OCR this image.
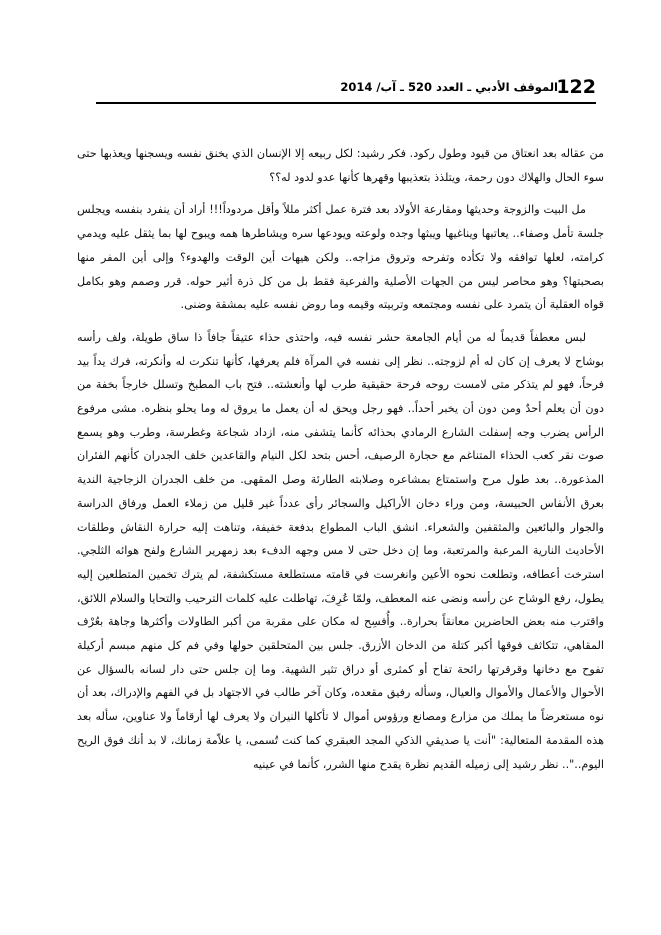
122
الموقف الأدبي ـ العدد 520 ـ آب/ 2014

من عقاله بعد انعتاق من قيود وطول ركود. فكر رشيد: لكل ربيعه إلا الإنسان الذي يخنق نفسه ويسجنها ويعذبها حتى سوء الحال والهلاك دون رحمة، ويتلذذ بتعذيبها وقهرها كأنها عدو لدود له؟؟

مل البيت والزوجة وحديثها ومقارعة الأولاد بعد فترة عمل أكثر مللاً وأقل مردوداً!!! أراد أن ينفرد بنفسه ويجلس جلسة تأمل وصفاء.. يعاتبها ويناغيها ويبثها وجده ولوعته ويودعها سره ويشاطرها همه ويبوح لها بما يثقل عليه ويدمي كرامته، لعلها توافقه ولا تكأده وتفرحه وتروق مزاجه.. ولكن هيهات أين الوقت والهدوء؟ وإلى أين المفر منها بصحبتها؟ وهو محاصر ليس من الجهات الأصلية والفرعية فقط بل من كل ذرة أثير حوله. قرر وصمم وهو بكامل قواه العقلية أن يتمرد على نفسه ومجتمعه وتربيته وقيمه وما روض نفسه عليه بمشقة وضنى.

لبس معطفاً قديماً له من أيام الجامعة حشر نفسه فيه، واحتذى حذاء عتيقاً جافاً ذا ساق طويلة، ولف رأسه بوشاح لا يعرف إن كان له أم لزوجته.. نظر إلى نفسه في المرآة فلم يعرفها، كأنها تنكرت له وأنكرته، فرك يداً بيد فرحاً، فهو لم يتذكر متى لامست روحه فرحة حقيقية طرب لها وأنعشته.. فتح باب المطبخ وتسلل خارجاً بخفة من دون أن يعلم أحدٌ ومن دون أن يخبر أحداً.. فهو رجل ويحق له أن يعمل ما يروق له وما يحلو بنظره. مشى مرفوع الرأس يضرب وجه إسفلت الشارع الرمادي بحذائه كأنما يتشفى منه، ازداد شجاعة وغطرسة، وطرب وهو يسمع صوت نقر كعب الحذاء المتناغم مع حجارة الرصيف، أحس بتحد لكل النيام والقاعدين خلف الجدران كأنهم الفئران المذعورة.. بعد طول مرح واستمتاع بمشاعره وصلابته الطارئة وصل المقهى. من خلف الجدران الزجاجية الندية بعرق الأنفاس الحبيسة، ومن وراء دخان الأراكيل والسجائر رأى عدداً غير قليل من زملاء العمل ورفاق الدراسة والجوار والبائعين والمثقفين والشعراء. انشق الباب المطواع بدفعة خفيفة، وتناهت إليه حرارة النقاش وطلقات الأحاديث النارية المرعبة والمرتعبة، وما إن دخل حتى لا مس وجهه الدفء بعد زمهرير الشارع ولفح هوائه الثلجي. استرخت أعطافه، وتطلعت نحوه الأعين وانغرست في قامته مستطلعة مستكشفة، لم يترك تخمين المتطلعين إليه يطول، رفع الوشاح عن رأسه ونضى عنه المعطف، ولمّا عُرِفَ، تهاطلت عليه كلمات الترحيب والتحايا والسلام اللائق، واقترب منه بعض الحاضرين معانقاً بحرارة.. وأُفسِح له مكان على مقربة من أكبر الطاولات وأكثرها وجاهة بعُرْف المقاهي، تتكاثف فوقها أكبر كتلة من الدخان الأزرق. جلس بين المتحلقين حولها وفي فم كل منهم مبسم أركيلة تفوح مع دخانها وقرقرتها رائحة تفاح أو كمثرى أو دراق تثير الشهية. وما إن جلس حتى دار لسانه بالسؤال عن الأحوال والأعمال والأموال والعيال، وسأله رفيق مقعده، وكان آخر طالب في الاجتهاد بل في الفهم والإدراك، بعد أن نوه مستعرضاً ما يملك من مزارع ومصانع ورؤوس أموال لا تأكلها النيران ولا يعرف لها أرقاماً ولا عناوين، سأله بعد هذه المقدمة المتعالية: "أنت يا صديقي الذكي المجد العبقري كما كنت تُسمى، يا علاّمة زمانك، لا بد أنك فوق الريح اليوم..".. نظر رشيد إلى زميله القديم نظرة يقدح منها الشرر، كأنما في عينيه
